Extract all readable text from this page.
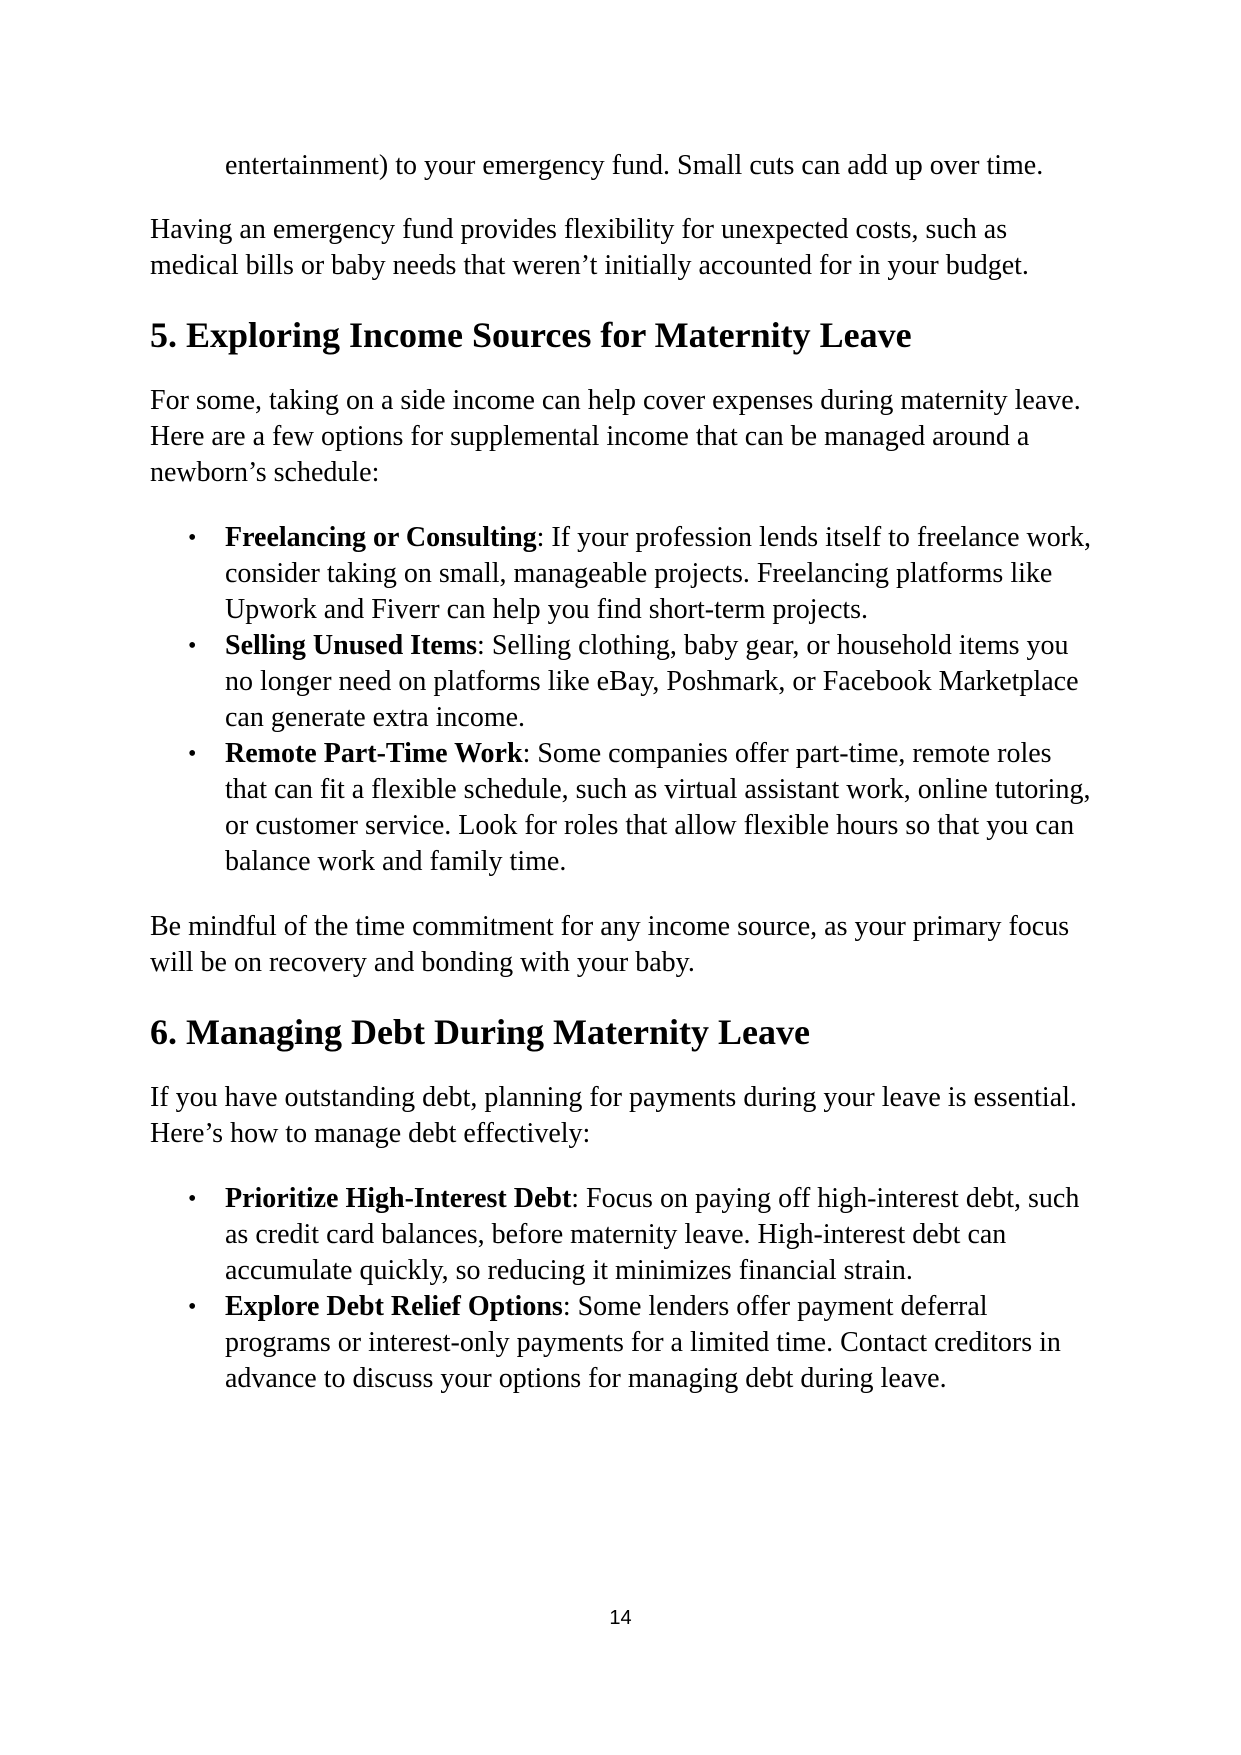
entertainment) to your emergency fund. Small cuts can add up over time.

Having an emergency fund provides flexibility for unexpected costs, such as medical bills or baby needs that weren’t initially accounted for in your budget.

5. Exploring Income Sources for Maternity Leave

For some, taking on a side income can help cover expenses during maternity leave. Here are a few options for supplemental income that can be managed around a newborn’s schedule:

• Freelancing or Consulting: If your profession lends itself to freelance work, consider taking on small, manageable projects. Freelancing platforms like Upwork and Fiverr can help you find short-term projects.
• Selling Unused Items: Selling clothing, baby gear, or household items you no longer need on platforms like eBay, Poshmark, or Facebook Marketplace can generate extra income.
• Remote Part-Time Work: Some companies offer part-time, remote roles that can fit a flexible schedule, such as virtual assistant work, online tutoring, or customer service. Look for roles that allow flexible hours so that you can balance work and family time.

Be mindful of the time commitment for any income source, as your primary focus will be on recovery and bonding with your baby.

6. Managing Debt During Maternity Leave

If you have outstanding debt, planning for payments during your leave is essential. Here’s how to manage debt effectively:

• Prioritize High-Interest Debt: Focus on paying off high-interest debt, such as credit card balances, before maternity leave. High-interest debt can accumulate quickly, so reducing it minimizes financial strain.
• Explore Debt Relief Options: Some lenders offer payment deferral programs or interest-only payments for a limited time. Contact creditors in advance to discuss your options for managing debt during leave.
14
